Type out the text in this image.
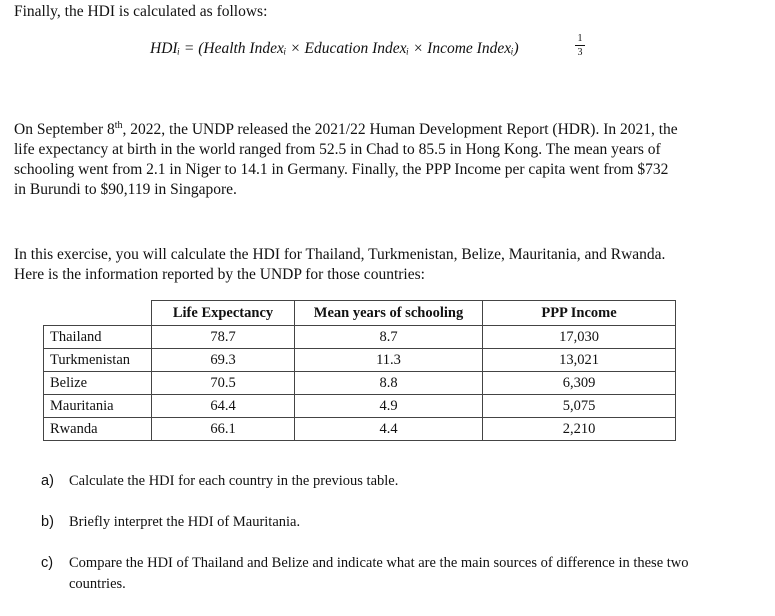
Finally, the HDI is calculated as follows:
HDIᵢ = (Health Indexᵢ × Education Indexᵢ × Income Indexᵢ)
1
3
On September 8th, 2022, the UNDP released the 2021/22 Human Development Report (HDR). In 2021, the
life expectancy at birth in the world ranged from 52.5 in Chad to 85.5 in Hong Kong. The mean years of
schooling went from 2.1 in Niger to 14.1 in Germany. Finally, the PPP Income per capita went from $732
in Burundi to $90,119 in Singapore.
In this exercise, you will calculate the HDI for Thailand, Turkmenistan, Belize, Mauritania, and Rwanda.
Here is the information reported by the UNDP for those countries:
	Life Expectancy	Mean years of schooling	PPP Income
Thailand	78.7	8.7	17,030
Turkmenistan	69.3	11.3	13,021
Belize	70.5	8.8	6,309
Mauritania	64.4	4.9	5,075
Rwanda	66.1	4.4	2,210
a) Calculate the HDI for each country in the previous table.
b) Briefly interpret the HDI of Mauritania.
c) Compare the HDI of Thailand and Belize and indicate what are the main sources of difference in these two countries.
